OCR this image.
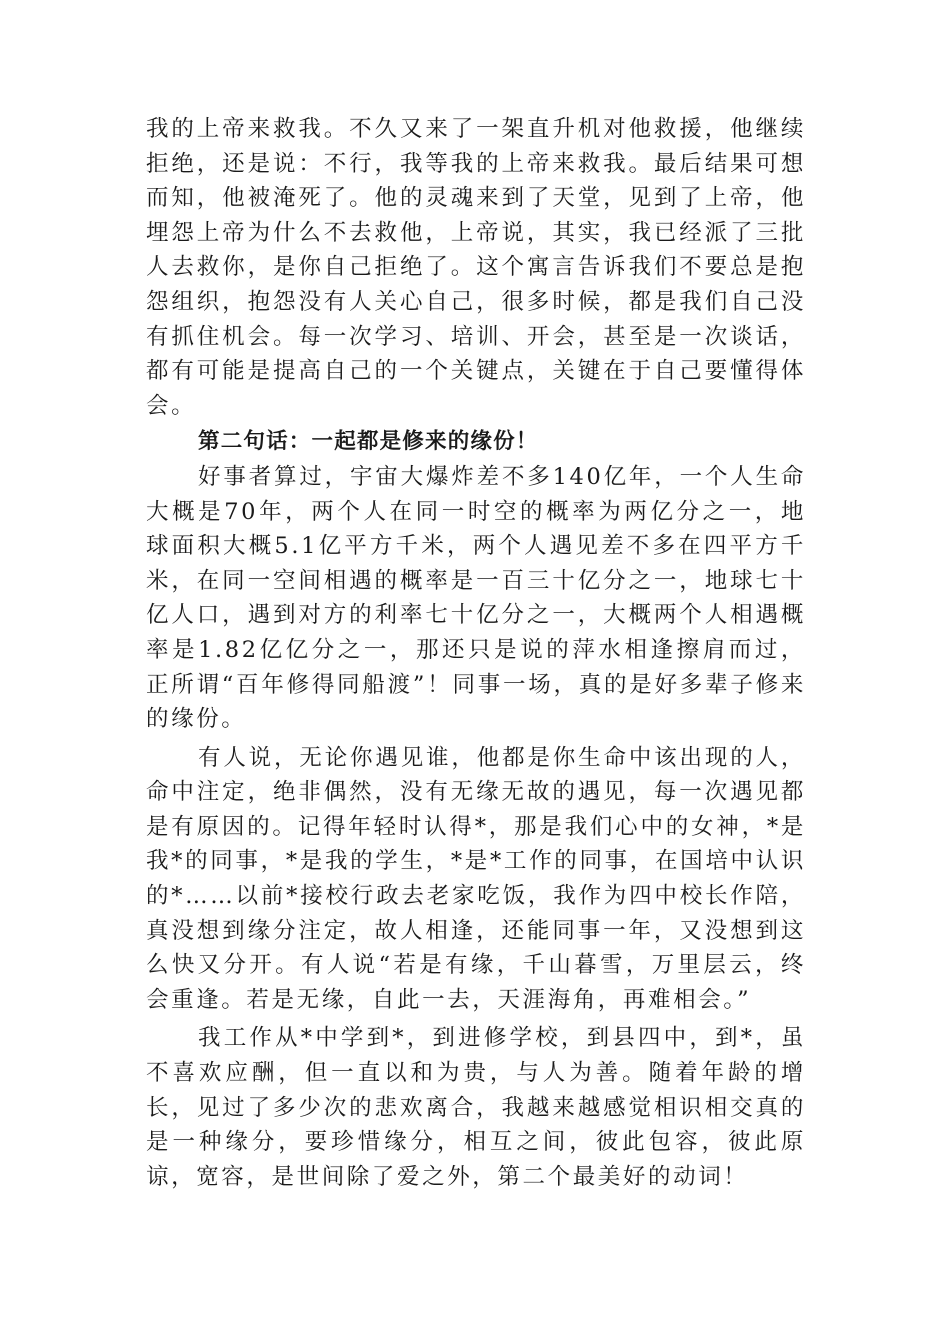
我的上帝来救我。不久又来了一架直升机对他救援，他继续拒绝，还是说：不行，我等我的上帝来救我。最后结果可想而知，他被淹死了。他的灵魂来到了天堂，见到了上帝，他埋怨上帝为什么不去救他，上帝说，其实，我已经派了三批人去救你，是你自己拒绝了。这个寓言告诉我们不要总是抱怨组织，抱怨没有人关心自己，很多时候，都是我们自己没有抓住机会。每一次学习、培训、开会，甚至是一次谈话，都有可能是提高自己的一个关键点，关键在于自己要懂得体会。

第二句话：一起都是修来的缘份！

好事者算过，宇宙大爆炸差不多140亿年，一个人生命大概是70年，两个人在同一时空的概率为两亿分之一，地球面积大概5.1亿平方千米，两个人遇见差不多在四平方千米，在同一空间相遇的概率是一百三十亿分之一，地球七十亿人口，遇到对方的利率七十亿分之一，大概两个人相遇概率是1.82亿亿分之一，那还只是说的萍水相逢擦肩而过，正所谓“百年修得同船渡”！同事一场，真的是好多辈子修来的缘份。

有人说，无论你遇见谁，他都是你生命中该出现的人，命中注定，绝非偶然，没有无缘无故的遇见，每一次遇见都是有原因的。记得年轻时认得*，那是我们心中的女神，*是我*的同事，*是我的学生，*是*工作的同事，在国培中认识的*……以前*接校行政去老家吃饭，我作为四中校长作陪，真没想到缘分注定，故人相逢，还能同事一年，又没想到这么快又分开。有人说“若是有缘，千山暮雪，万里层云，终会重逢。若是无缘，自此一去，天涯海角，再难相会。”

我工作从*中学到*，到进修学校，到县四中，到*，虽不喜欢应酬，但一直以和为贵，与人为善。随着年龄的增长，见过了多少次的悲欢离合，我越来越感觉相识相交真的是一种缘分，要珍惜缘分，相互之间，彼此包容，彼此原谅，宽容，是世间除了爱之外，第二个最美好的动词！
